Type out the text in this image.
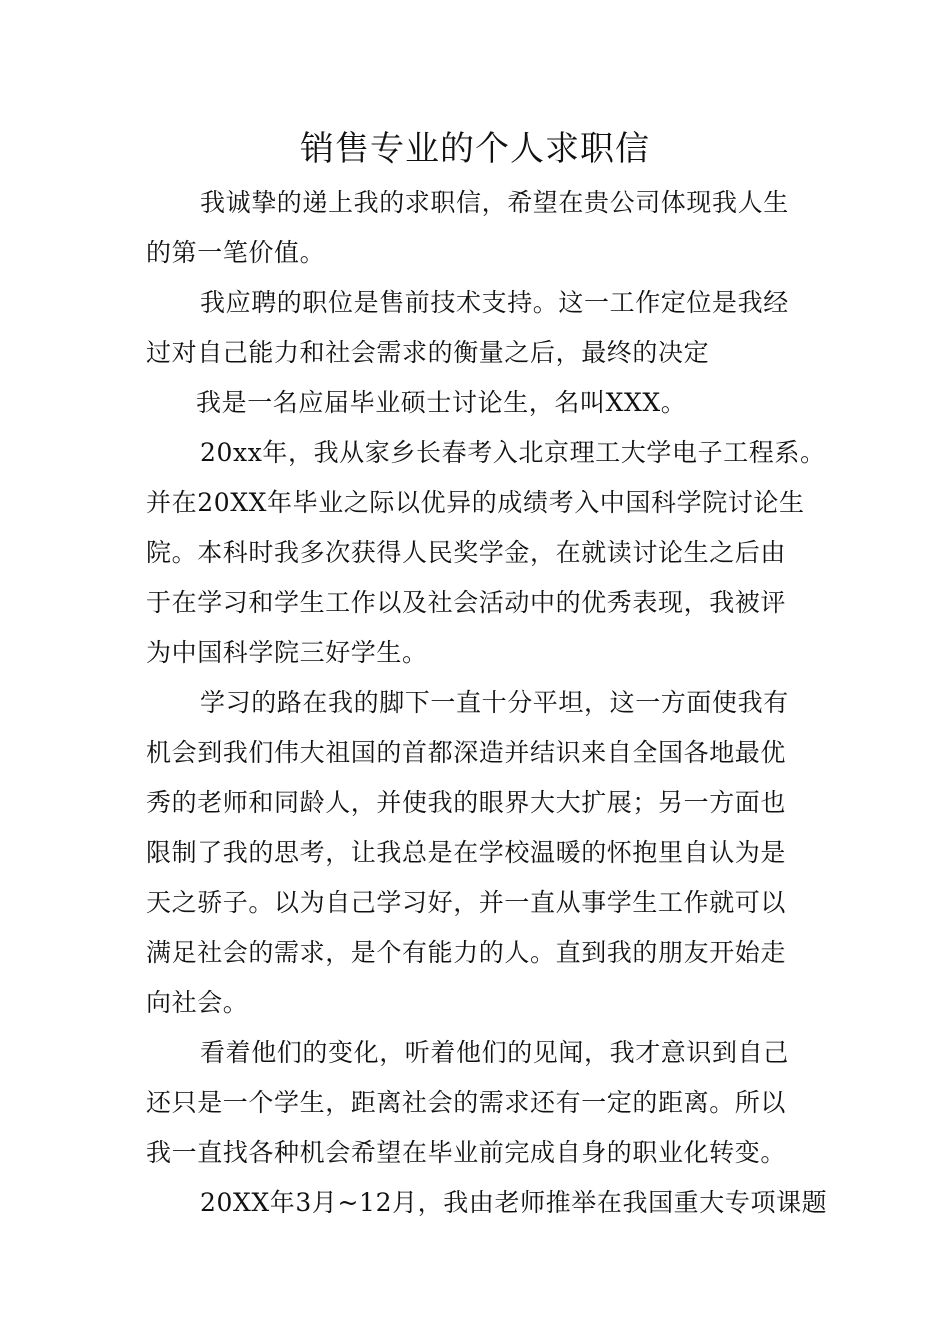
销售专业的个人求职信
我诚挚的递上我的求职信，希望在贵公司体现我人生
的第一笔价值。
我应聘的职位是售前技术支持。这一工作定位是我经
过对自己能力和社会需求的衡量之后，最终的决定
我是一名应届毕业硕士讨论生，名叫XXX。
20xx年，我从家乡长春考入北京理工大学电子工程系。
并在20XX年毕业之际以优异的成绩考入中国科学院讨论生
院。本科时我多次获得人民奖学金，在就读讨论生之后由
于在学习和学生工作以及社会活动中的优秀表现，我被评
为中国科学院三好学生。
学习的路在我的脚下一直十分平坦，这一方面使我有
机会到我们伟大祖国的首都深造并结识来自全国各地最优
秀的老师和同龄人，并使我的眼界大大扩展；另一方面也
限制了我的思考，让我总是在学校温暖的怀抱里自认为是
天之骄子。以为自己学习好，并一直从事学生工作就可以
满足社会的需求，是个有能力的人。直到我的朋友开始走
向社会。
看着他们的变化，听着他们的见闻，我才意识到自己
还只是一个学生，距离社会的需求还有一定的距离。所以
我一直找各种机会希望在毕业前完成自身的职业化转变。
20XX年3月~12月，我由老师推举在我国重大专项课题
